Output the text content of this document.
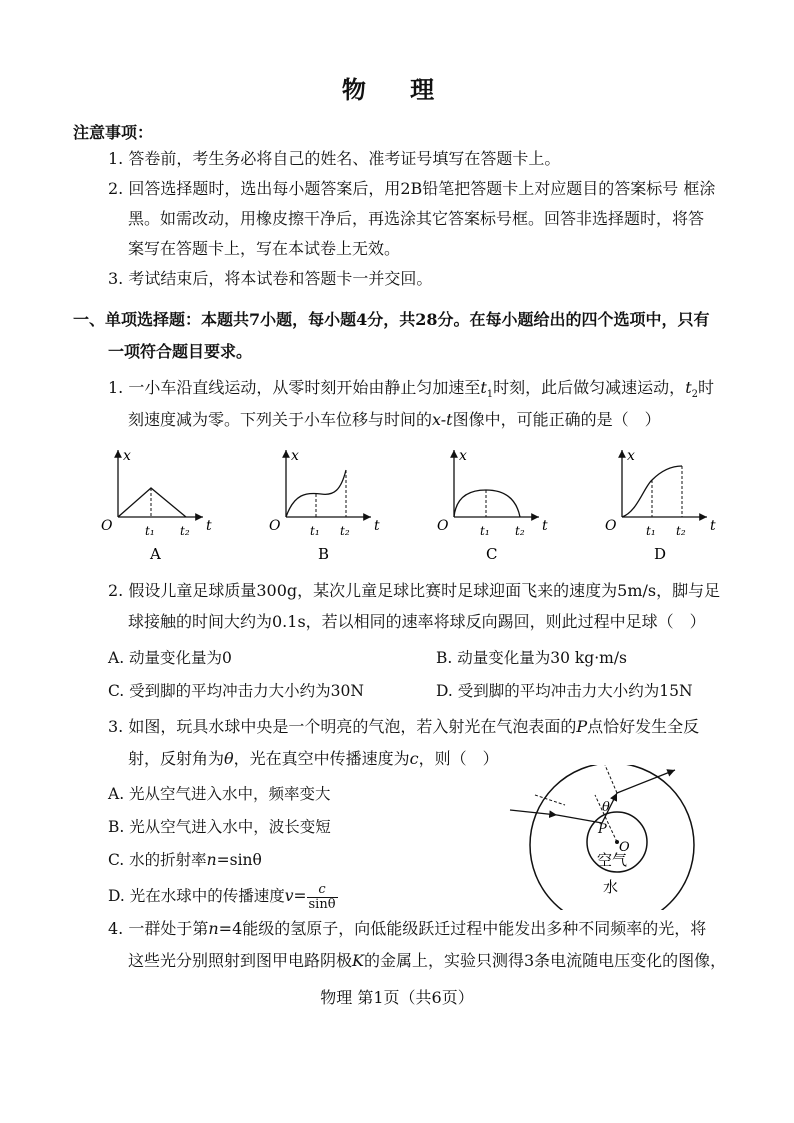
物 理
注意事项：
1. 答卷前，考生务必将自己的姓名、准考证号填写在答题卡上。
2. 回答选择题时，选出每小题答案后，用2B铅笔把答题卡上对应题目的答案标号 框涂
黑。如需改动，用橡皮擦干净后，再选涂其它答案标号框。回答非选择题时，将答
案写在答题卡上，写在本试卷上无效。
3. 考试结束后，将本试卷和答题卡一并交回。
一、单项选择题：本题共7小题，每小题4分，共28分。在每小题给出的四个选项中，只有
一项符合题目要求。
1. 一小车沿直线运动，从零时刻开始由静止匀加速至$t_1$时刻，此后做匀减速运动，$t_2$时
刻速度减为零。下列关于小车位移与时间的x-t图像中，可能正确的是（　）
x
t
O	t₁ t₂
A
x
t
O t₁ t₂
B
x
t
O	t₁ t₂
C
x
t
O t₁ t₂
D
2. 假设儿童足球质量300g，某次儿童足球比赛时足球迎面飞来的速度为5m/s，脚与足
球接触的时间大约为0.1s，若以相同的速率将球反向踢回，则此过程中足球（　）
A. 动量变化量为0	B. 动量变化量为30 kg·m/s
C. 受到脚的平均冲击力大小约为30N	D. 受到脚的平均冲击力大小约为15N
3. 如图，玩具水球中央是一个明亮的气泡，若入射光在气泡表面的P点恰好发生全反
射，反射角为θ，光在真空中传播速度为c，则（　）
A. 光从空气进入水中，频率变大
B. 光从空气进入水中，波长变短
C. 水的折射率n=sinθ
D. 光在水球中的传播速度$v= \frac{c}{\sin\theta}$
θ
P
O
空气
水
4. 一群处于第n=4能级的氢原子，向低能级跃迁过程中能发出多种不同频率的光，将
这些光分别照射到图甲电路阴极K的金属上，实验只测得3条电流随电压变化的图像，
物理 第1页（共6页）
